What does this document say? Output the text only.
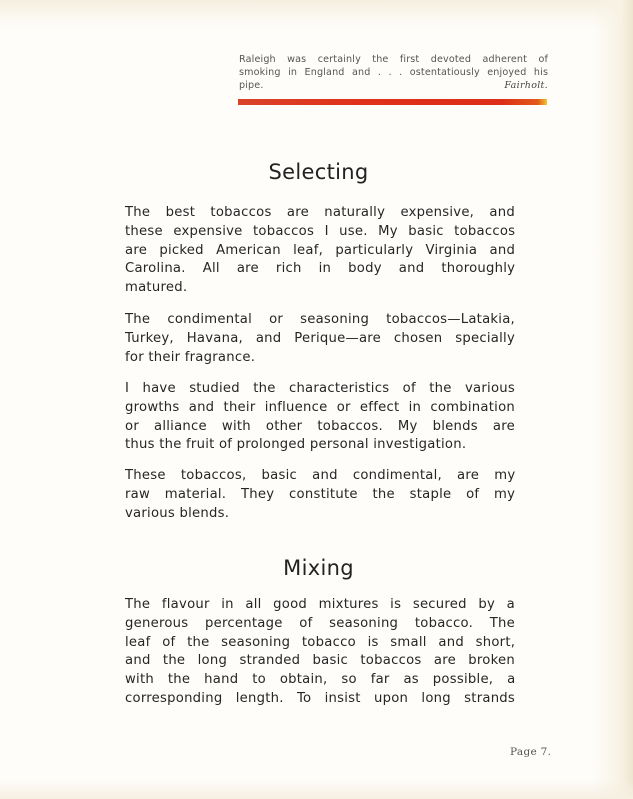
Raleigh was certainly the first devoted adherent of
smoking in England and . . . ostentatiously enjoyed his
pipe.	Fairholt.
Selecting
The best tobaccos are naturally expensive, and
these expensive tobaccos I use. My basic tobaccos
are picked American leaf, particularly Virginia and
Carolina. All are rich in body and thoroughly
matured.
The condimental or seasoning tobaccos—Latakia,
Turkey, Havana, and Perique—are chosen specially
for their fragrance.
I have studied the characteristics of the various
growths and their influence or effect in combination
or alliance with other tobaccos. My blends are
thus the fruit of prolonged personal investigation.
These tobaccos, basic and condimental, are my
raw material. They constitute the staple of my
various blends.
Mixing
The flavour in all good mixtures is secured by a
generous percentage of seasoning tobacco. The
leaf of the seasoning tobacco is small and short,
and the long stranded basic tobaccos are broken
with the hand to obtain, so far as possible, a
corresponding length. To insist upon long strands
Page 7.
